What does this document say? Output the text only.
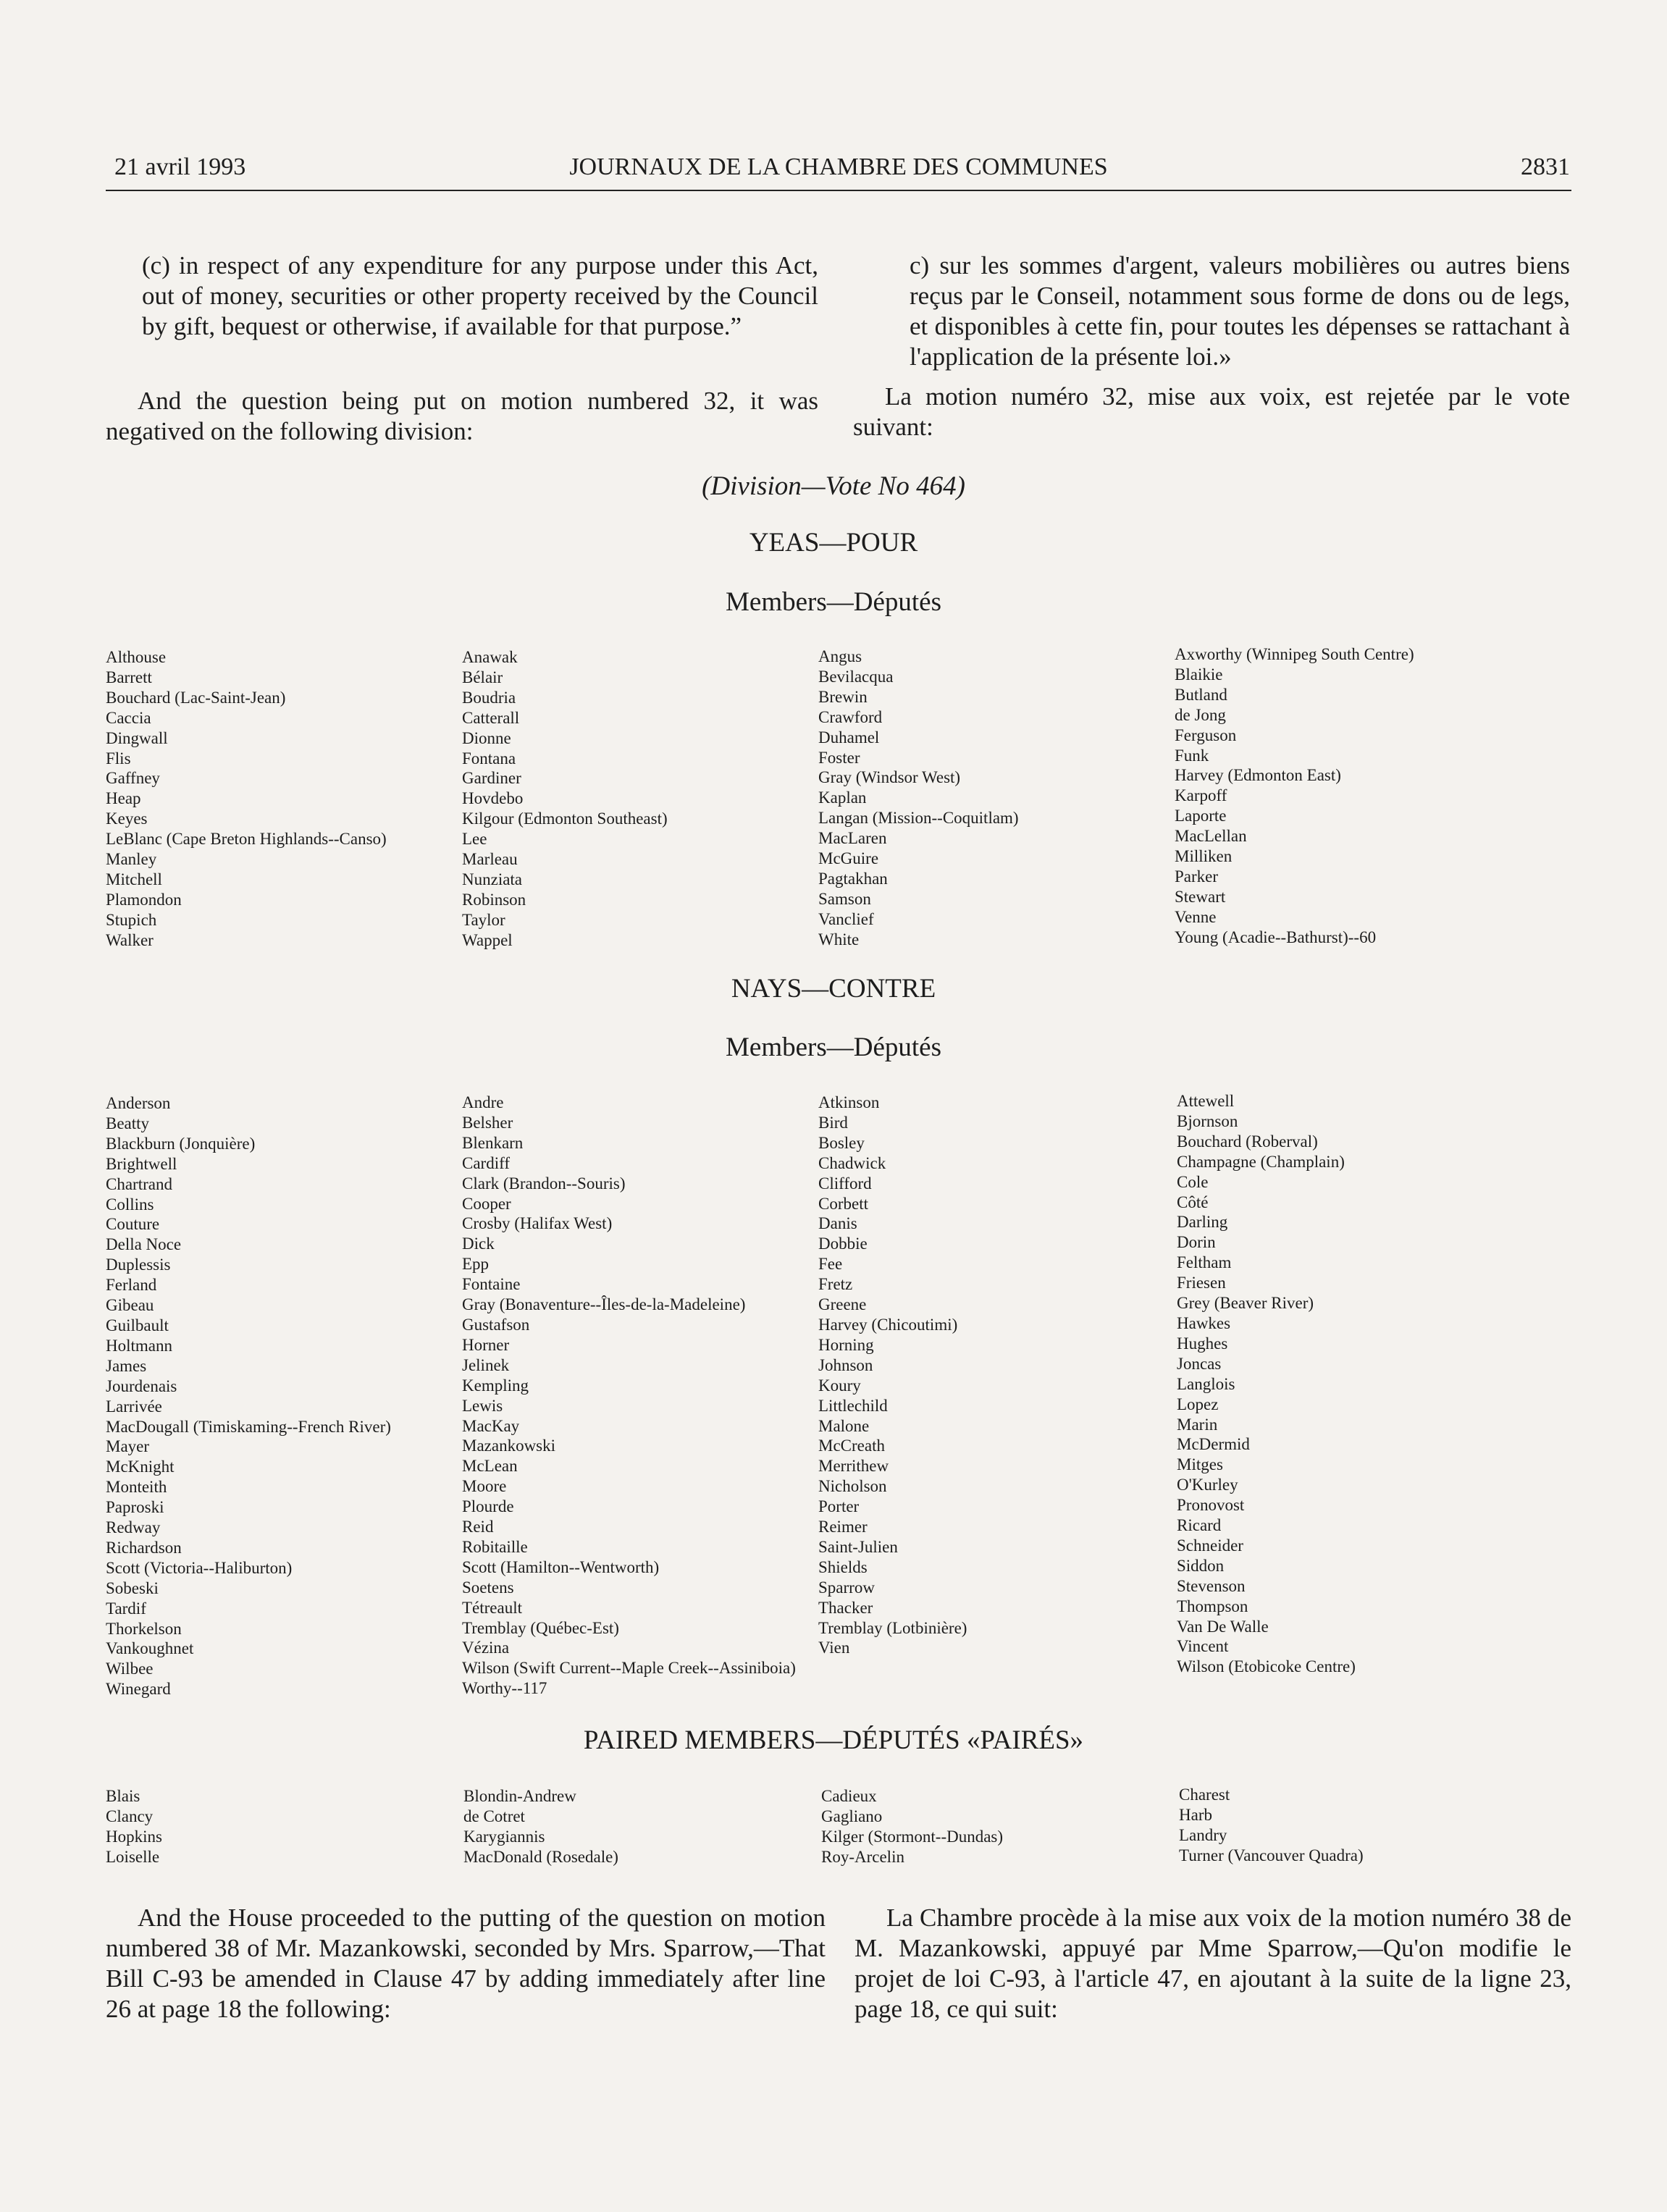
21 avril 1993	JOURNAUX DE LA CHAMBRE DES COMMUNES	2831

(c) in respect of any expenditure for any purpose under this Act, out of money, securities or other property received by the Council by gift, bequest or otherwise, if available for that purpose.”

c) sur les sommes d'argent, valeurs mobilières ou autres biens reçus par le Conseil, notamment sous forme de dons ou de legs, et disponibles à cette fin, pour toutes les dépenses se rattachant à l'application de la présente loi.»

And the question being put on motion numbered 32, it was negatived on the following division:

La motion numéro 32, mise aux voix, est rejetée par le vote suivant:

(Division—Vote No 464)
YEAS—POUR
Members—Députés
Althouse
Barrett
Bouchard (Lac-Saint-Jean)
Caccia
Dingwall
Flis
Gaffney
Heap
Keyes
LeBlanc (Cape Breton Highlands--Canso)
Manley
Mitchell
Plamondon
Stupich
Walker
Anawak
Bélair
Boudria
Catterall
Dionne
Fontana
Gardiner
Hovdebo
Kilgour (Edmonton Southeast)
Lee
Marleau
Nunziata
Robinson
Taylor
Wappel
Angus
Bevilacqua
Brewin
Crawford
Duhamel
Foster
Gray (Windsor West)
Kaplan
Langan (Mission--Coquitlam)
MacLaren
McGuire
Pagtakhan
Samson
Vanclief
White
Axworthy (Winnipeg South Centre)
Blaikie
Butland
de Jong
Ferguson
Funk
Harvey (Edmonton East)
Karpoff
Laporte
MacLellan
Milliken
Parker
Stewart
Venne
Young (Acadie--Bathurst)--60
NAYS—CONTRE
Members—Députés
Anderson
Beatty
Blackburn (Jonquière)
Brightwell
Chartrand
Collins
Couture
Della Noce
Duplessis
Ferland
Gibeau
Guilbault
Holtmann
James
Jourdenais
Larrivée
MacDougall (Timiskaming--French River)
Mayer
McKnight
Monteith
Paproski
Redway
Richardson
Scott (Victoria--Haliburton)
Sobeski
Tardif
Thorkelson
Vankoughnet
Wilbee
Winegard
Andre
Belsher
Blenkarn
Cardiff
Clark (Brandon--Souris)
Cooper
Crosby (Halifax West)
Dick
Epp
Fontaine
Gray (Bonaventure--Îles-de-la-Madeleine)
Gustafson
Horner
Jelinek
Kempling
Lewis
MacKay
Mazankowski
McLean
Moore
Plourde
Reid
Robitaille
Scott (Hamilton--Wentworth)
Soetens
Tétreault
Tremblay (Québec-Est)
Vézina
Wilson (Swift Current--Maple Creek--Assiniboia)
Worthy--117
Atkinson
Bird
Bosley
Chadwick
Clifford
Corbett
Danis
Dobbie
Fee
Fretz
Greene
Harvey (Chicoutimi)
Horning
Johnson
Koury
Littlechild
Malone
McCreath
Merrithew
Nicholson
Porter
Reimer
Saint-Julien
Shields
Sparrow
Thacker
Tremblay (Lotbinière)
Vien
Attewell
Bjornson
Bouchard (Roberval)
Champagne (Champlain)
Cole
Côté
Darling
Dorin
Feltham
Friesen
Grey (Beaver River)
Hawkes
Hughes
Joncas
Langlois
Lopez
Marin
McDermid
Mitges
O'Kurley
Pronovost
Ricard
Schneider
Siddon
Stevenson
Thompson
Van De Walle
Vincent
Wilson (Etobicoke Centre)
PAIRED MEMBERS—DÉPUTÉS «PAIRÉS»
Blais
Clancy
Hopkins
Loiselle
Blondin-Andrew
de Cotret
Karygiannis
MacDonald (Rosedale)
Cadieux
Gagliano
Kilger (Stormont--Dundas)
Roy-Arcelin
Charest
Harb
Landry
Turner (Vancouver Quadra)

And the House proceeded to the putting of the question on motion numbered 38 of Mr. Mazankowski, seconded by Mrs. Sparrow,—That Bill C-93 be amended in Clause 47 by adding immediately after line 26 at page 18 the following:

La Chambre procède à la mise aux voix de la motion numéro 38 de M. Mazankowski, appuyé par Mme Sparrow,—Qu'on modifie le projet de loi C-93, à l'article 47, en ajoutant à la suite de la ligne 23, page 18, ce qui suit:
